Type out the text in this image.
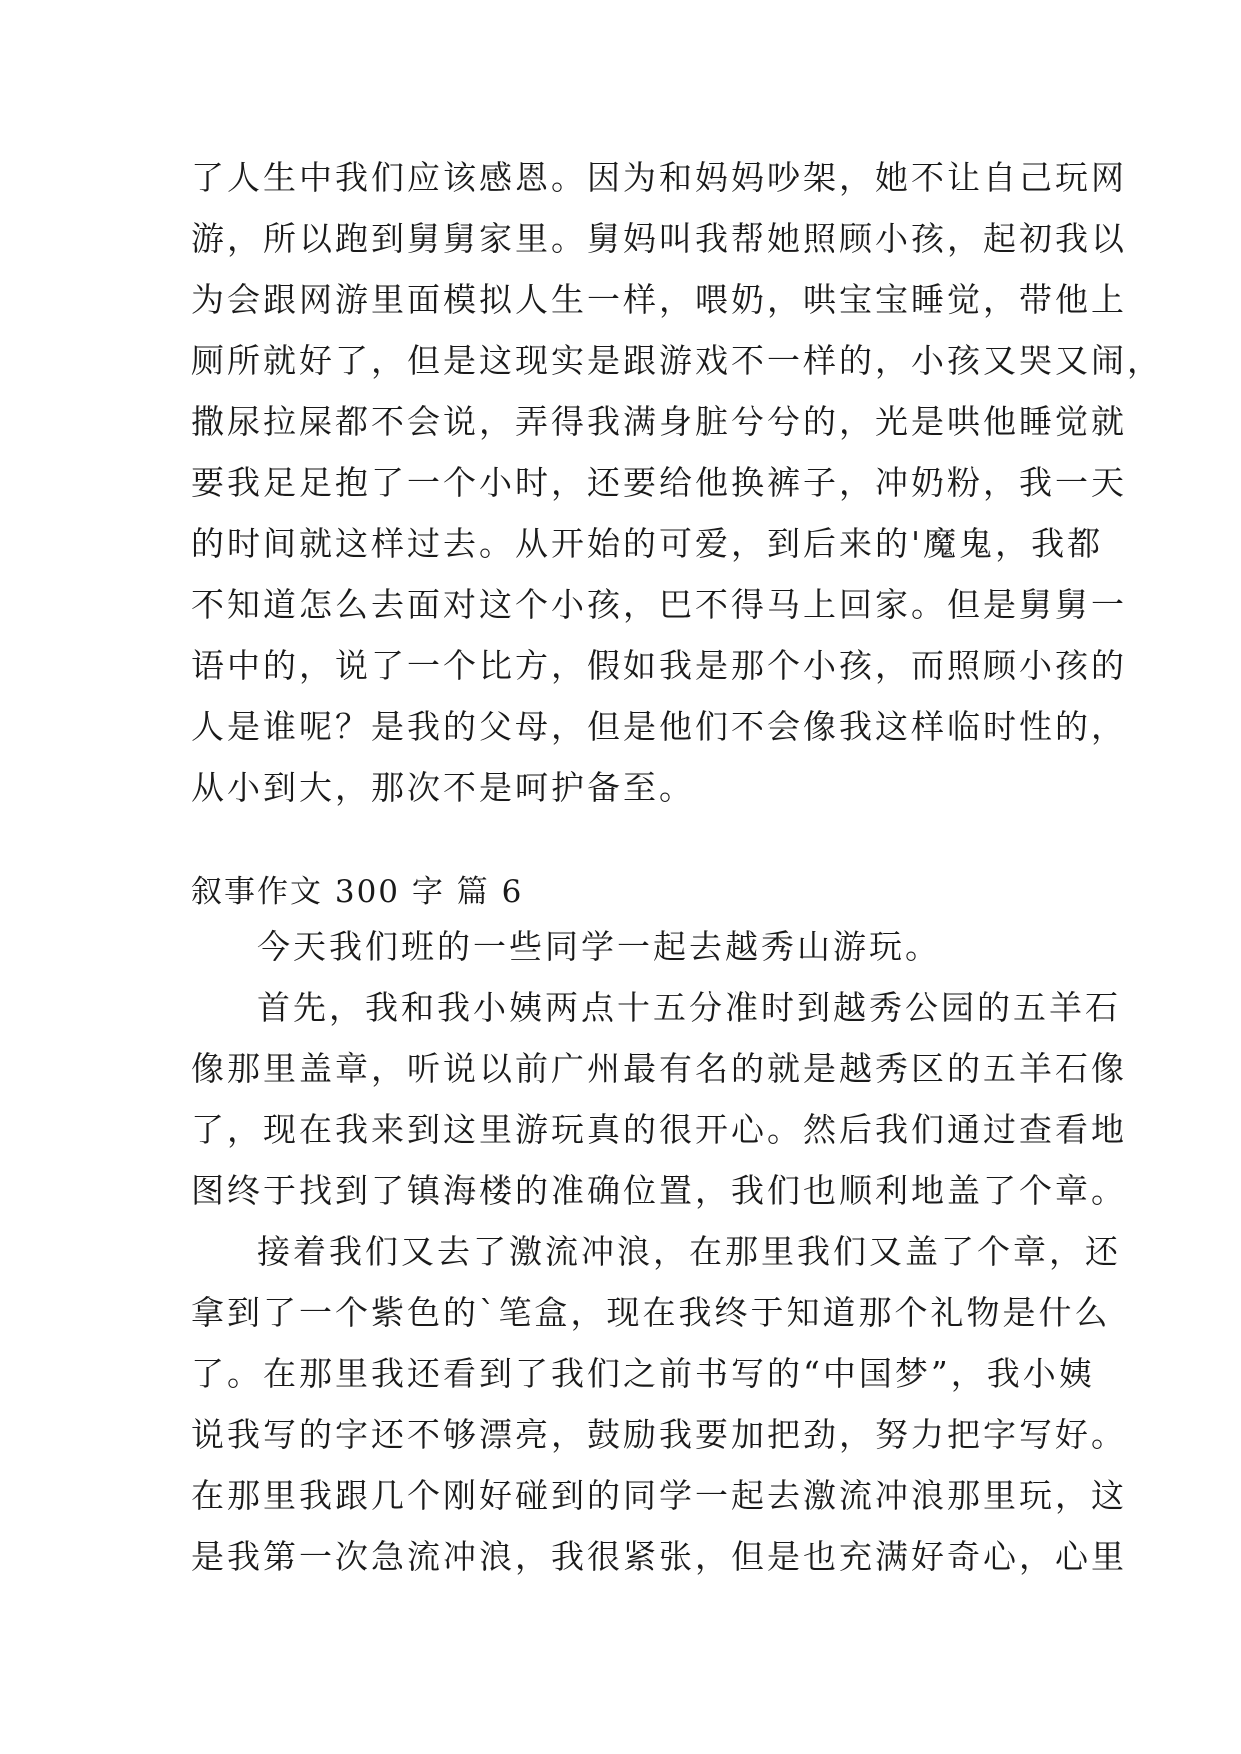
了人生中我们应该感恩。因为和妈妈吵架，她不让自己玩网
游，所以跑到舅舅家里。舅妈叫我帮她照顾小孩，起初我以
为会跟网游里面模拟人生一样，喂奶，哄宝宝睡觉，带他上
厕所就好了，但是这现实是跟游戏不一样的，小孩又哭又闹，
撒尿拉屎都不会说，弄得我满身脏兮兮的，光是哄他睡觉就
要我足足抱了一个小时，还要给他换裤子，冲奶粉，我一天
的时间就这样过去。从开始的可爱，到后来的'魔鬼，我都
不知道怎么去面对这个小孩，巴不得马上回家。但是舅舅一
语中的，说了一个比方，假如我是那个小孩，而照顾小孩的
人是谁呢？是我的父母，但是他们不会像我这样临时性的，
从小到大，那次不是呵护备至。
叙事作文 300 字 篇 6
今天我们班的一些同学一起去越秀山游玩。
首先，我和我小姨两点十五分准时到越秀公园的五羊石
像那里盖章，听说以前广州最有名的就是越秀区的五羊石像
了，现在我来到这里游玩真的很开心。然后我们通过查看地
图终于找到了镇海楼的准确位置，我们也顺利地盖了个章。
接着我们又去了激流冲浪，在那里我们又盖了个章，还
拿到了一个紫色的`笔盒，现在我终于知道那个礼物是什么
了。在那里我还看到了我们之前书写的“中国梦”，我小姨
说我写的字还不够漂亮，鼓励我要加把劲，努力把字写好。
在那里我跟几个刚好碰到的同学一起去激流冲浪那里玩，这
是我第一次急流冲浪，我很紧张，但是也充满好奇心，心里
